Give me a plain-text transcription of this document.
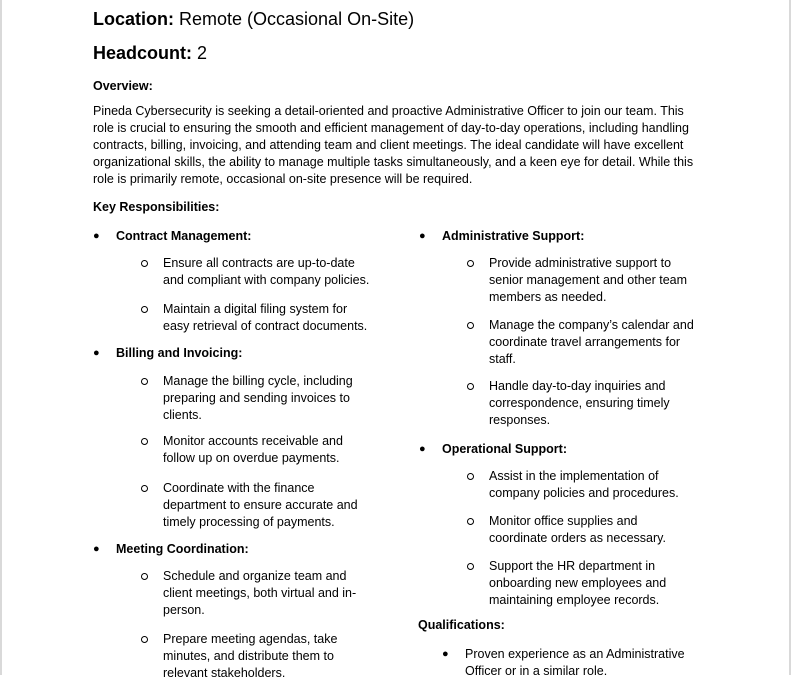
Location: Remote (Occasional On-Site)
Headcount: 2
Overview:
Pineda Cybersecurity is seeking a detail-oriented and proactive Administrative Officer to join our team. This role is crucial to ensuring the smooth and efficient management of day-to-day operations, including handling contracts, billing, invoicing, and attending team and client meetings. The ideal candidate will have excellent organizational skills, the ability to manage multiple tasks simultaneously, and a keen eye for detail. While this role is primarily remote, occasional on-site presence will be required.
Key Responsibilities:
● Contract Management:
Ensure all contracts are up-to-date
and compliant with company policies.
Maintain a digital filing system for
easy retrieval of contract documents.
● Billing and Invoicing:
Manage the billing cycle, including
preparing and sending invoices to
clients.
Monitor accounts receivable and
follow up on overdue payments.
Coordinate with the finance
department to ensure accurate and
timely processing of payments.
● Meeting Coordination:
Schedule and organize team and
client meetings, both virtual and in-
person.
Prepare meeting agendas, take
minutes, and distribute them to
relevant stakeholders.
● Administrative Support:
Provide administrative support to
senior management and other team
members as needed.
Manage the company’s calendar and
coordinate travel arrangements for
staff.
Handle day-to-day inquiries and
correspondence, ensuring timely
responses.
● Operational Support:
Assist in the implementation of
company policies and procedures.
Monitor office supplies and
coordinate orders as necessary.
Support the HR department in
onboarding new employees and
maintaining employee records.
Qualifications:
● Proven experience as an Administrative
Officer or in a similar role.
